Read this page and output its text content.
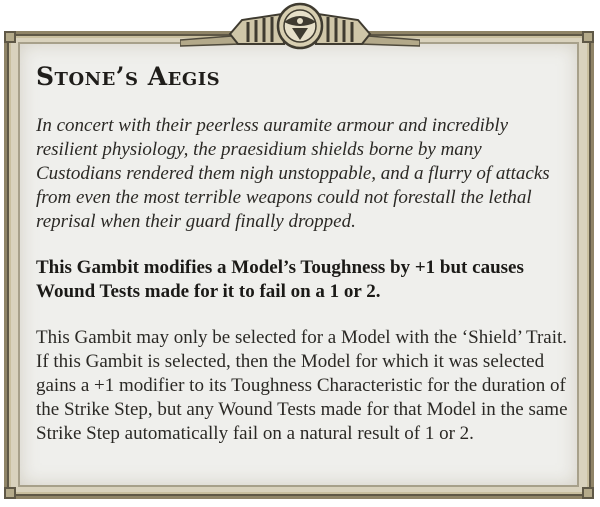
Stone’s Aegis

In concert with their peerless auramite armour and incredibly resilient physiology, the praesidium shields borne by many Custodians rendered them nigh unstoppable, and a flurry of attacks from even the most terrible weapons could not forestall the lethal reprisal when their guard finally dropped.

This Gambit modifies a Model’s Toughness by +1 but causes Wound Tests made for it to fail on a 1 or 2.

This Gambit may only be selected for a Model with the ‘Shield’ Trait. If this Gambit is selected, then the Model for which it was selected gains a +1 modifier to its Toughness Characteristic for the duration of the Strike Step, but any Wound Tests made for that Model in the same Strike Step automatically fail on a natural result of 1 or 2.
